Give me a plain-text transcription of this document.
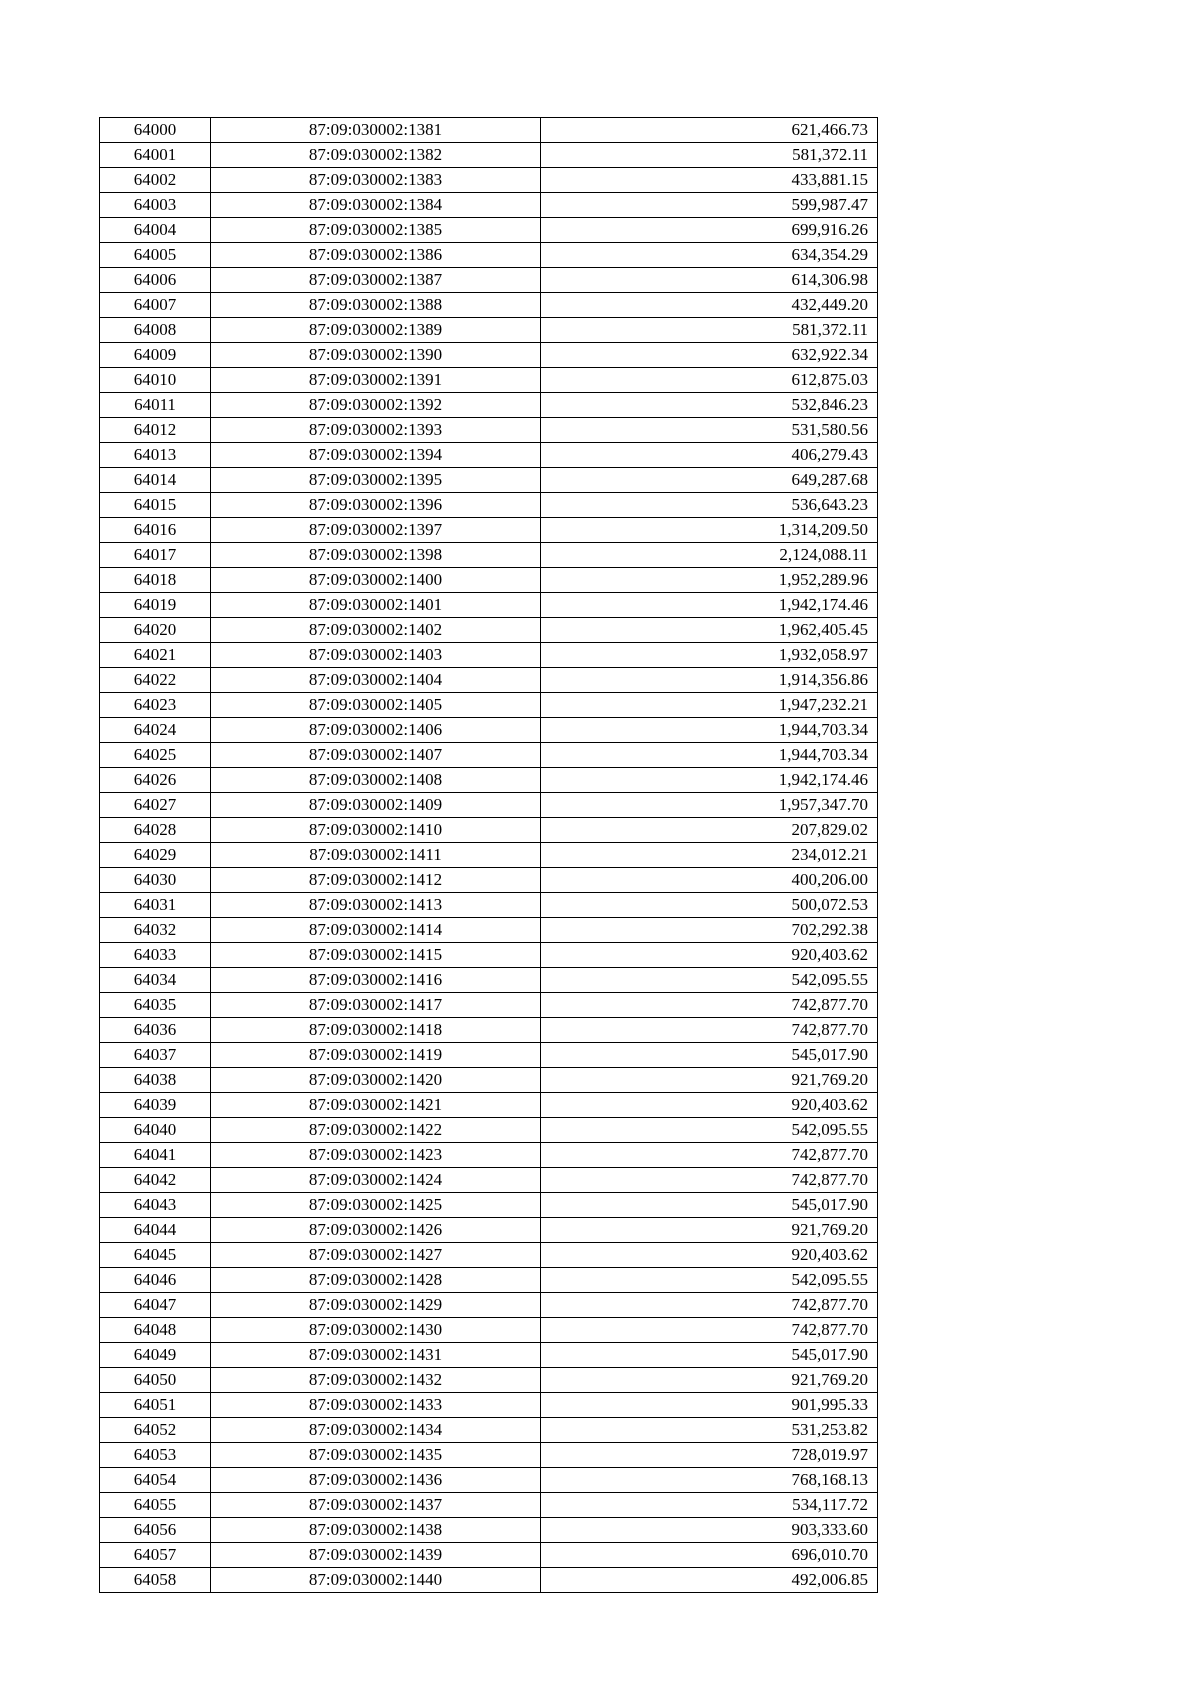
64000	87:09:030002:1381	621,466.73
64001	87:09:030002:1382	581,372.11
64002	87:09:030002:1383	433,881.15
64003	87:09:030002:1384	599,987.47
64004	87:09:030002:1385	699,916.26
64005	87:09:030002:1386	634,354.29
64006	87:09:030002:1387	614,306.98
64007	87:09:030002:1388	432,449.20
64008	87:09:030002:1389	581,372.11
64009	87:09:030002:1390	632,922.34
64010	87:09:030002:1391	612,875.03
64011	87:09:030002:1392	532,846.23
64012	87:09:030002:1393	531,580.56
64013	87:09:030002:1394	406,279.43
64014	87:09:030002:1395	649,287.68
64015	87:09:030002:1396	536,643.23
64016	87:09:030002:1397	1,314,209.50
64017	87:09:030002:1398	2,124,088.11
64018	87:09:030002:1400	1,952,289.96
64019	87:09:030002:1401	1,942,174.46
64020	87:09:030002:1402	1,962,405.45
64021	87:09:030002:1403	1,932,058.97
64022	87:09:030002:1404	1,914,356.86
64023	87:09:030002:1405	1,947,232.21
64024	87:09:030002:1406	1,944,703.34
64025	87:09:030002:1407	1,944,703.34
64026	87:09:030002:1408	1,942,174.46
64027	87:09:030002:1409	1,957,347.70
64028	87:09:030002:1410	207,829.02
64029	87:09:030002:1411	234,012.21
64030	87:09:030002:1412	400,206.00
64031	87:09:030002:1413	500,072.53
64032	87:09:030002:1414	702,292.38
64033	87:09:030002:1415	920,403.62
64034	87:09:030002:1416	542,095.55
64035	87:09:030002:1417	742,877.70
64036	87:09:030002:1418	742,877.70
64037	87:09:030002:1419	545,017.90
64038	87:09:030002:1420	921,769.20
64039	87:09:030002:1421	920,403.62
64040	87:09:030002:1422	542,095.55
64041	87:09:030002:1423	742,877.70
64042	87:09:030002:1424	742,877.70
64043	87:09:030002:1425	545,017.90
64044	87:09:030002:1426	921,769.20
64045	87:09:030002:1427	920,403.62
64046	87:09:030002:1428	542,095.55
64047	87:09:030002:1429	742,877.70
64048	87:09:030002:1430	742,877.70
64049	87:09:030002:1431	545,017.90
64050	87:09:030002:1432	921,769.20
64051	87:09:030002:1433	901,995.33
64052	87:09:030002:1434	531,253.82
64053	87:09:030002:1435	728,019.97
64054	87:09:030002:1436	768,168.13
64055	87:09:030002:1437	534,117.72
64056	87:09:030002:1438	903,333.60
64057	87:09:030002:1439	696,010.70
64058	87:09:030002:1440	492,006.85
